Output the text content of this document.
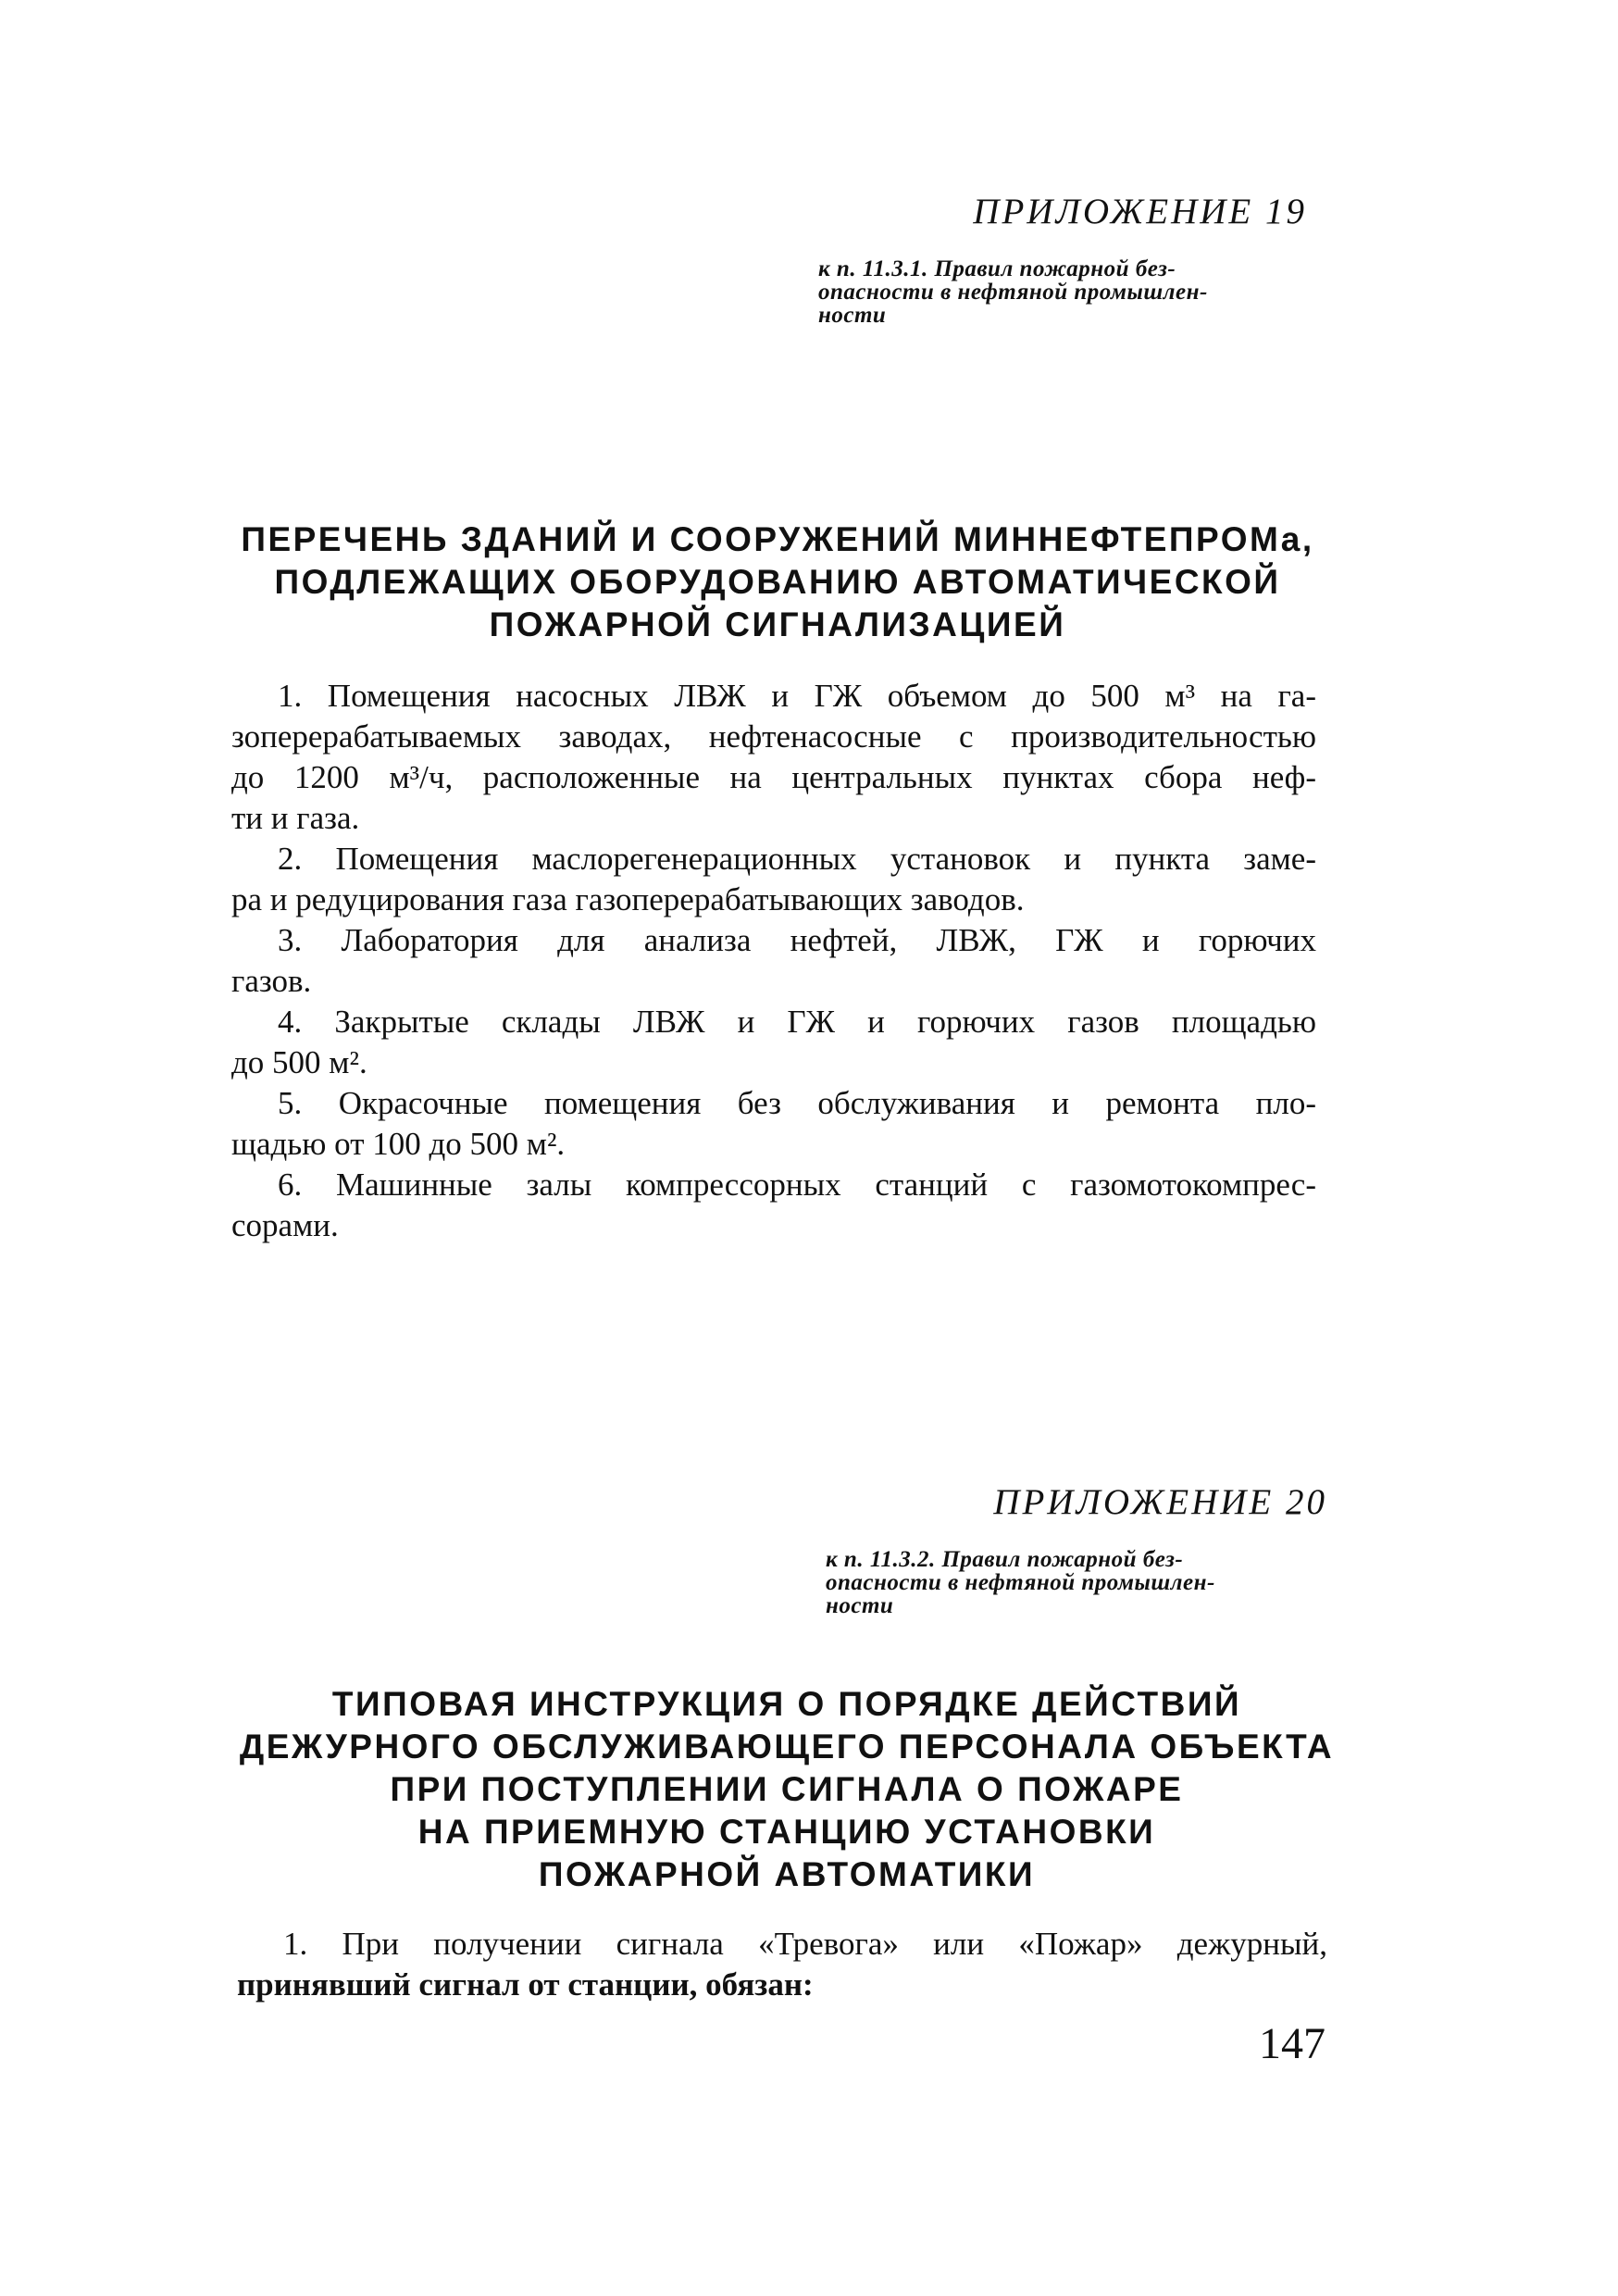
ПРИЛОЖЕНИЕ 19
к п. 11.3.1. Правил пожарной без-
опасности в нефтяной промышлен-
ности
ПЕРЕЧЕНЬ ЗДАНИЙ И СООРУЖЕНИЙ МИННЕФТЕПРОМа,
ПОДЛЕЖАЩИХ ОБОРУДОВАНИЮ АВТОМАТИЧЕСКОЙ
ПОЖАРНОЙ СИГНАЛИЗАЦИЕЙ
1. Помещения насосных ЛВЖ и ГЖ объемом до 500 м³ на га-
зоперерабатываемых заводах, нефтенасосные с производительностью
до 1200 м³/ч, расположенные на центральных пунктах сбора неф-
ти и газа.
2. Помещения маслорегенерационных установок и пункта заме-
ра и редуцирования газа газоперерабатывающих заводов.
3. Лаборатория для анализа нефтей, ЛВЖ, ГЖ и горючих
газов.
4. Закрытые склады ЛВЖ и ГЖ и горючих газов площадью
до 500 м².
5. Окрасочные помещения без обслуживания и ремонта пло-
щадью от 100 до 500 м².
6. Машинные залы компрессорных станций с газомотокомпрес-
сорами.
ПРИЛОЖЕНИЕ 20
к п. 11.3.2. Правил пожарной без-
опасности в нефтяной промышлен-
ности
ТИПОВАЯ ИНСТРУКЦИЯ О ПОРЯДКЕ ДЕЙСТВИЙ
ДЕЖУРНОГО ОБСЛУЖИВАЮЩЕГО ПЕРСОНАЛА ОБЪЕКТА
ПРИ ПОСТУПЛЕНИИ СИГНАЛА О ПОЖАРЕ
НА ПРИЕМНУЮ СТАНЦИЮ УСТАНОВКИ
ПОЖАРНОЙ АВТОМАТИКИ
1. При получении сигнала «Тревога» или «Пожар» дежурный,
принявший сигнал от станции, обязан:
147
